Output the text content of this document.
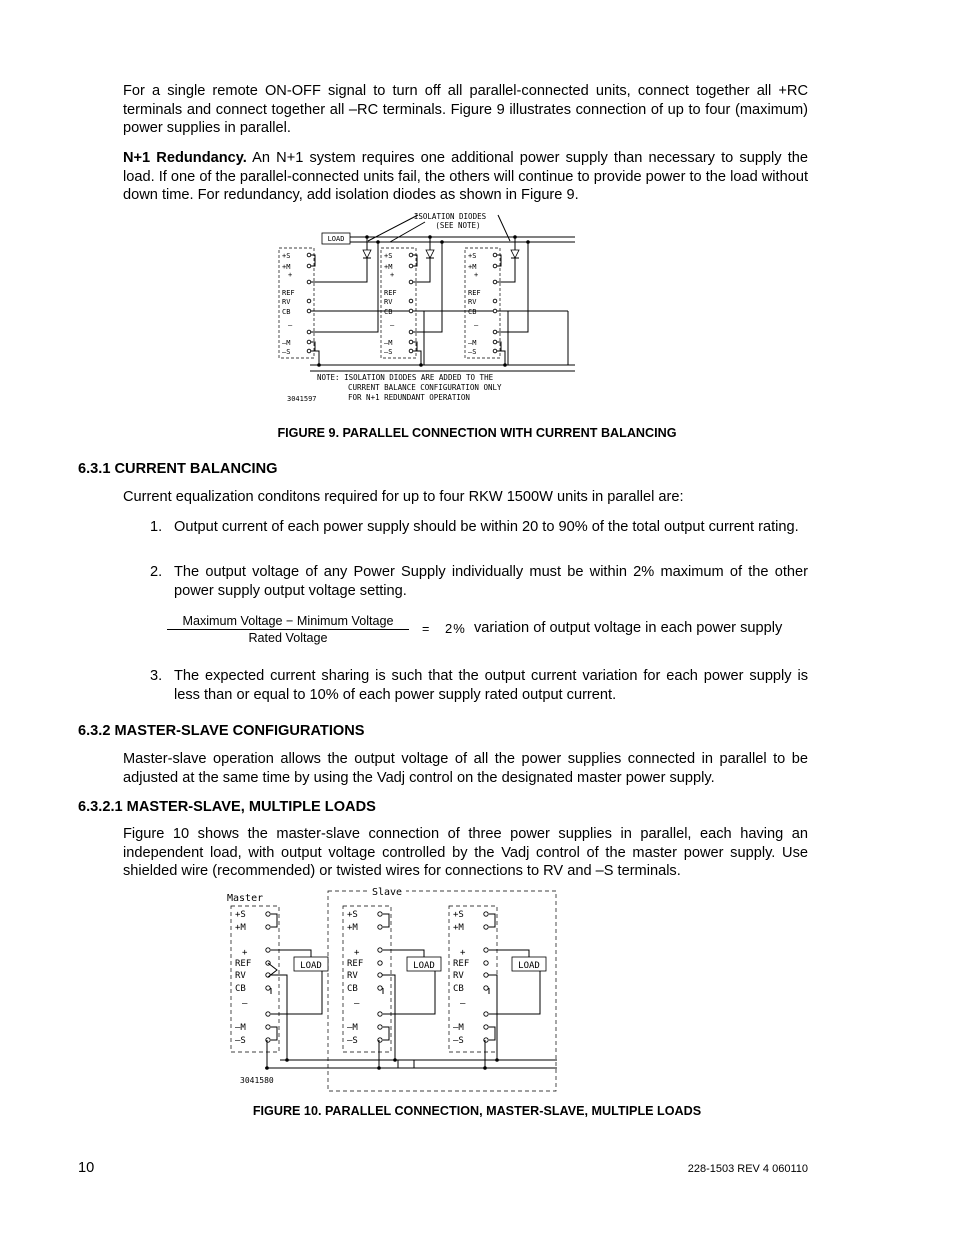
For a single remote ON-OFF signal to turn off all parallel-connected units, connect together all +RC terminals and connect together all –RC terminals. Figure 9 illustrates connection of up to four (maximum) power supplies in parallel.

N+1 Redundancy. An N+1 system requires one additional power supply than necessary to supply the load. If one of the parallel-connected units fail, the others will continue to provide power to the load without down time. For redundancy, add isolation diodes as shown in Figure 9.

LOAD
ISOLATION DIODES
(SEE NOTE)
+S
+M
REF
RV
CB
–M
–S
+
–
+S
+M
REF
RV
CB
–M
–S
+
–
+S
+M
REF
RV
CB
–M
–S
+
–
NOTE: ISOLATION DIODES ARE ADDED TO THE
CURRENT BALANCE CONFIGURATION ONLY
FOR N+1 REDUNDANT OPERATION
3041597
FIGURE 9. PARALLEL CONNECTION WITH CURRENT BALANCING

6.3.1 CURRENT BALANCING

Current equalization conditons required for up to four RKW 1500W units in parallel are:

1. Output current of each power supply should be within 20 to 90% of the total output current rating.

2. The output voltage of any Power Supply individually must be within 2% maximum of the other power supply output voltage setting.

Maximum Voltage − Minimum Voltage
Rated Voltage
= 2% variation of output voltage in each power supply
3. The expected current sharing is such that the output current variation for each power supply is less than or equal to 10% of each power supply rated output current.

6.3.2 MASTER-SLAVE CONFIGURATIONS

Master-slave operation allows the output voltage of all the power supplies connected in parallel to be adjusted at the same time by using the Vadj control on the designated master power supply.

6.3.2.1 MASTER-SLAVE, MULTIPLE LOADS

Figure 10 shows the master-slave connection of three power supplies in parallel, each having an independent load, with output voltage controlled by the Vadj control of the master power supply. Use shielded wire (recommended) or twisted wires for connections to RV and –S terminals.

Master
Slave
+S
+M
REF
RV
CB
–M
–S
+
–
LOAD
+S
+M
REF
RV
CB
–M
–S
+
–
LOAD
+S
+M
REF
RV
CB
–M
–S
+
–
LOAD
3041580
FIGURE 10. PARALLEL CONNECTION, MASTER-SLAVE, MULTIPLE LOADS
10	228-1503 REV 4 060110
